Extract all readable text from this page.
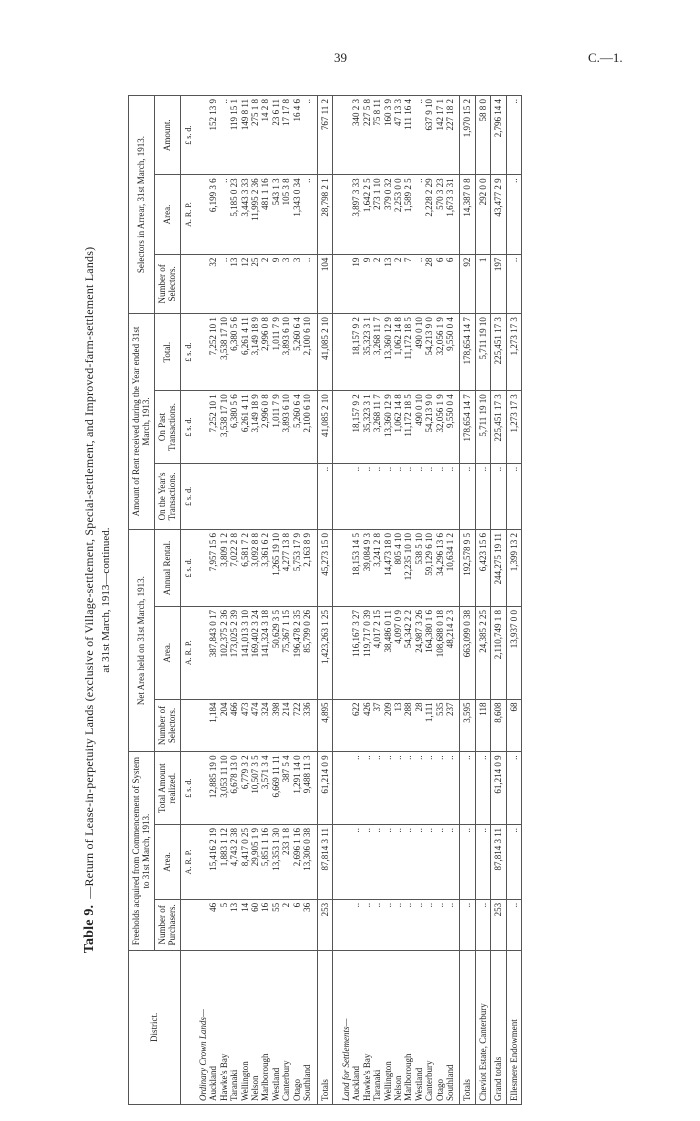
39	C.—1.
Table 9.—Return of Lease-in-perpetuity Lands (exclusive of Village-settlement, Special-settlement, and Improved-farm-settlement Lands) at 31st March, 1913—continued.
District.	Freeholds acquired from Commencement of System to 31st March, 1913.			Net Area held on 31st March, 1913.			Amount of Rent received during the Year ended 31st March, 1913.			Selectors in Arrear, 31st March, 1913.		
	Number of Purchasers.	Area.	Total Amount realized.	Number of Selectors.	Area.	Annual Rental.	On the Year's Transactions.	On Past Transactions.	Total.	Number of Selectors.	Area.	Amount.
		A. R. P.	£ s. d.		A. R. P.	£ s. d.	£ s. d.	£ s. d.	£ s. d.		A. R. P.	£ s. d.
Ordinary Crown Lands—												
Auckland	46	15,416 2 19	12,885 19 0	1,184	387,843 0 17	7,957 15 6		7,252 10 1	7,252 10 1	32	6,199 3 6	152 13 9
Hawke's Bay	5	1,883 1 12	3,053 11 10	204	102,375 2 36	3,809 1 2		3,538 17 10	3,538 17 10	..	..	..
Taranaki	13	4,743 2 38	6,678 13 0	466	173,025 2 39	7,022 2 8		6,380 5 6	6,380 5 6	13	5,185 0 23	119 15 1
Wellington	14	8,417 0 25	6,779 3 2	473	141,013 3 10	6,581 7 2		6,261 4 11	6,261 4 11	12	3,443 3 33	149 8 11
Nelson	60	29,905 1 9	10,507 3 5	474	169,402 3 24	3,092 8 8		3,149 18 9	3,149 18 9	25	11,995 2 36	275 1 8
Marlborough	16	5,851 1 16	3,571 3 4	324	141,324 3 18	3,361 6 2		2,996 0 8	2,996 0 8	2	481 1 16	14 2 8
Westland	55	13,353 1 30	6,669 11 11	398	50,629 3 5	1,265 19 10		1,011 7 9	1,011 7 9	9	543 1 3	23 6 11
Canterbury	2	233 1 8	387 5 4	214	75,367 1 15	4,277 13 8		3,893 6 10	3,893 6 10	3	105 3 8	17 17 8
Otago	6	2,696 1 16	1,291 14 0	722	196,478 2 35	5,753 17 9		5,260 6 4	5,260 6 4	3	1,343 0 34	16 4 6
Southland	36	13,306 0 38	9,488 11 3	336	85,799 0 26	2,163 8 9		2,100 6 10	2,100 6 10	..	..	..

Totals	253	87,814 3 11	61,214 0 9	4,895	1,423,263 1 25	45,273 15 0	..	41,085 2 10	41,085 2 10	104	28,798 2 1	767 11 2

Land for Settlements—												
Auckland	..	..	..	622	116,167 3 27	18,153 14 5	..	18,157 9 2	18,157 9 2	19	3,897 3 33	340 2 3
Hawke's Bay	..	..	..	426	119,717 0 39	39,084 9 3	..	35,323 3 1	35,323 3 1	9	1,642 2 5	227 5 8
Taranaki	..	..	..	37	4,017 2 15	3,241 2 8	..	3,268 11 7	3,268 11 7	2	273 1 10	75 8 11
Wellington	..	..	..	209	38,486 0 11	14,473 18 0	..	13,360 12 9	13,360 12 9	13	379 0 32	160 3 9
Nelson	..	..	..	13	4,097 0 9	805 4 10	..	1,062 14 8	1,062 14 8	2	2,253 0 0	47 13 3
Marlborough	..	..	..	288	54,342 2 2	12,235 10 10	..	11,172 18 5	11,172 18 5	7	1,589 2 5	111 16 4
Westland	..	..	..	28	24,987 3 26	538 5 10	..	490 0 10	490 0 10	..	..	..
Canterbury	..	..	..	1,111	164,380 1 6	59,129 6 10	..	54,213 9 0	54,213 9 0	28	2,228 2 29	637 9 10
Otago	..	..	..	535	108,688 0 18	34,296 13 6	..	32,056 1 9	32,056 1 9	6	570 3 23	142 17 1
Southland	..	..	..	237	48,214 2 3	10,634 1 2	..	9,550 0 4	9,550 0 4	6	1,673 3 31	227 18 2

Totals	..	..	..	3,595	663,099 0 38	192,578 9 5	..	178,654 14 7	178,654 14 7	92	14,387 0 8	1,970 15 2
Cheviot Estate, Canterbury	..	..	..	118	24,385 2 25	6,423 15 6	..	5,711 19 10	5,711 19 10	1	292 0 0	58 8 0
Grand totals	253	87,814 3 11	61,214 0 9	8,608	2,110,749 1 8	244,275 19 11	..	225,451 17 3	225,451 17 3	197	43,477 2 9	2,796 14 4
Ellesmere Endowment	..	..	..	68	13,937 0 0	1,399 13 2	..	1,273 17 3	1,273 17 3	..	..	..
